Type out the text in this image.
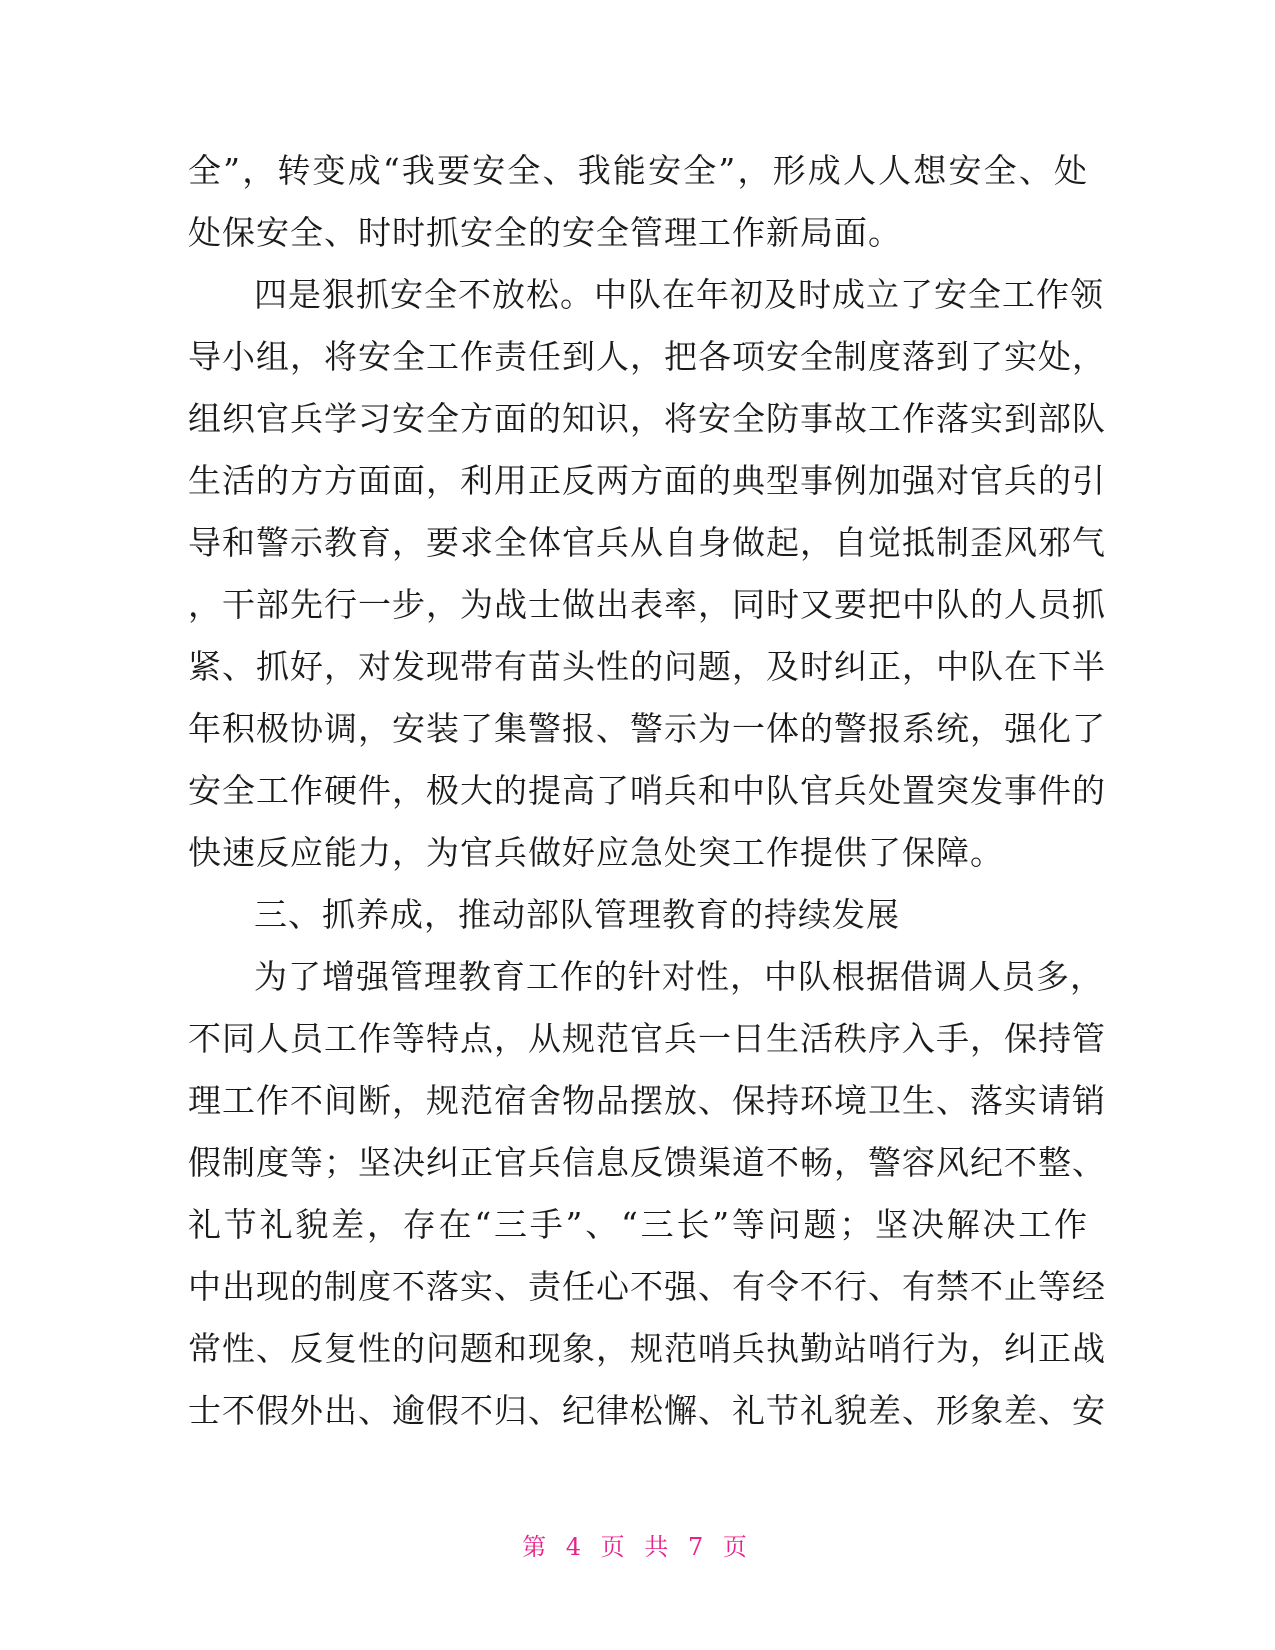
全”，转变成“我要安全、我能安全”，形成人人想安全、处
处保安全、时时抓安全的安全管理工作新局面。
四是狠抓安全不放松。中队在年初及时成立了安全工作领
导小组，将安全工作责任到人，把各项安全制度落到了实处，
组织官兵学习安全方面的知识，将安全防事故工作落实到部队
生活的方方面面，利用正反两方面的典型事例加强对官兵的引
导和警示教育，要求全体官兵从自身做起，自觉抵制歪风邪气
，干部先行一步，为战士做出表率，同时又要把中队的人员抓
紧、抓好，对发现带有苗头性的问题，及时纠正，中队在下半
年积极协调，安装了集警报、警示为一体的警报系统，强化了
安全工作硬件，极大的提高了哨兵和中队官兵处置突发事件的
快速反应能力，为官兵做好应急处突工作提供了保障。
三、抓养成，推动部队管理教育的持续发展
为了增强管理教育工作的针对性，中队根据借调人员多，
不同人员工作等特点，从规范官兵一日生活秩序入手，保持管
理工作不间断，规范宿舍物品摆放、保持环境卫生、落实请销
假制度等；坚决纠正官兵信息反馈渠道不畅，警容风纪不整、
礼节礼貌差，存在“三手”、“三长”等问题；坚决解决工作
中出现的制度不落实、责任心不强、有令不行、有禁不止等经
常性、反复性的问题和现象，规范哨兵执勤站哨行为，纠正战
士不假外出、逾假不归、纪律松懈、礼节礼貌差、形象差、安
第 4 页 共 7 页
